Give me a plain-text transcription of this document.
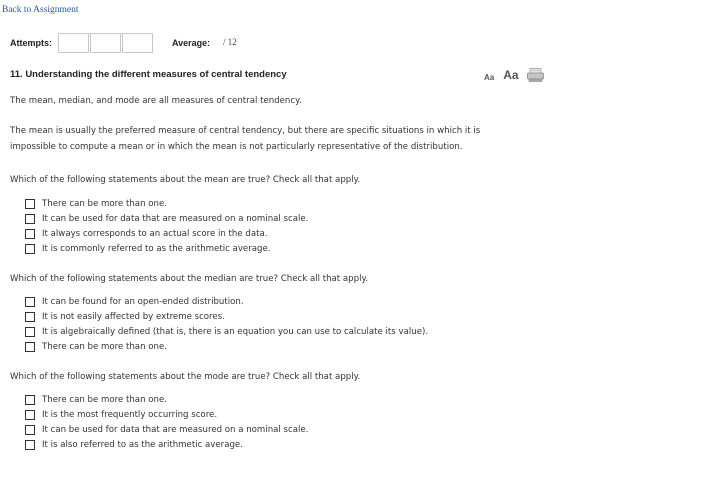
Back to Assignment
Attempts:	Average: / 12
11. Understanding the different measures of central tendency	Aa Aa
The mean, median, and mode are all measures of central tendency.
The mean is usually the preferred measure of central tendency, but there are specific situations in which it is
impossible to compute a mean or in which the mean is not particularly representative of the distribution.
Which of the following statements about the mean are true? Check all that apply.
There can be more than one.
It can be used for data that are measured on a nominal scale.
It always corresponds to an actual score in the data.
It is commonly referred to as the arithmetic average.
Which of the following statements about the median are true? Check all that apply.
It can be found for an open-ended distribution.
It is not easily affected by extreme scores.
It is algebraically defined (that is, there is an equation you can use to calculate its value).
There can be more than one.
Which of the following statements about the mode are true? Check all that apply.
There can be more than one.
It is the most frequently occurring score.
It can be used for data that are measured on a nominal scale.
It is also referred to as the arithmetic average.
